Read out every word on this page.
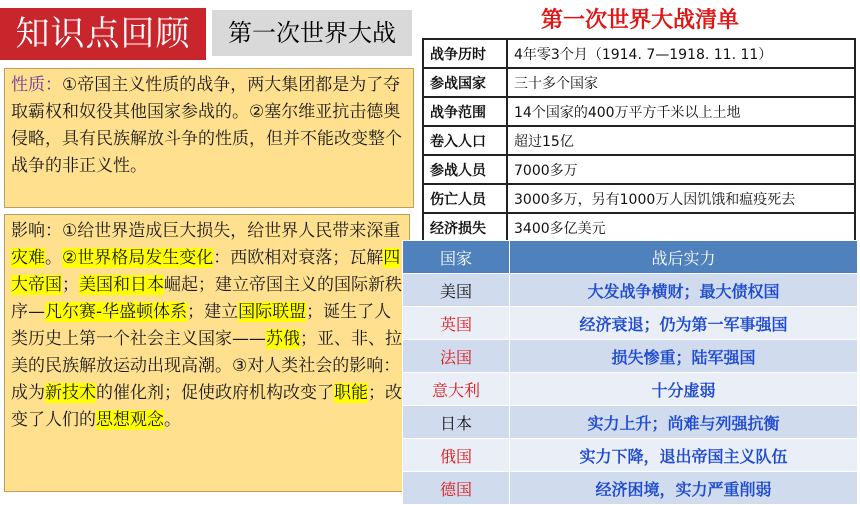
知识点回顾	第一次世界大战	第一次世界大战清单
性质：①帝国主义性质的战争，两大集团都是为了夺取霸权和奴役其他国家参战的。②塞尔维亚抗击德奥侵略，具有民族解放斗争的性质，但并不能改变整个战争的非正义性。
影响：①给世界造成巨大损失，给世界人民带来深重灾难。②世界格局发生变化：西欧相对衰落；瓦解四大帝国；美国和日本崛起；建立帝国主义的国际新秩序—凡尔赛-华盛顿体系；建立国际联盟；诞生了人类历史上第一个社会主义国家——苏俄；亚、非、拉美的民族解放运动出现高潮。③对人类社会的影响：成为新技术的催化剂；促使政府机构改变了职能；改变了人们的思想观念。
战争历时	4年零3个月（1914. 7—1918. 11. 11）
参战国家	三十多个国家
战争范围	14个国家的400万平方千米以上土地
卷入人口	超过15亿
参战人员	7000多万
伤亡人员	3000多万，另有1000万人因饥饿和瘟疫死去
经济损失	3400多亿美元
国家	战后实力
美国	大发战争横财；最大债权国
英国	经济衰退；仍为第一军事强国
法国	损失惨重；陆军强国
意大利	十分虚弱
日本	实力上升；尚难与列强抗衡
俄国	实力下降，退出帝国主义队伍
德国	经济困境，实力严重削弱
